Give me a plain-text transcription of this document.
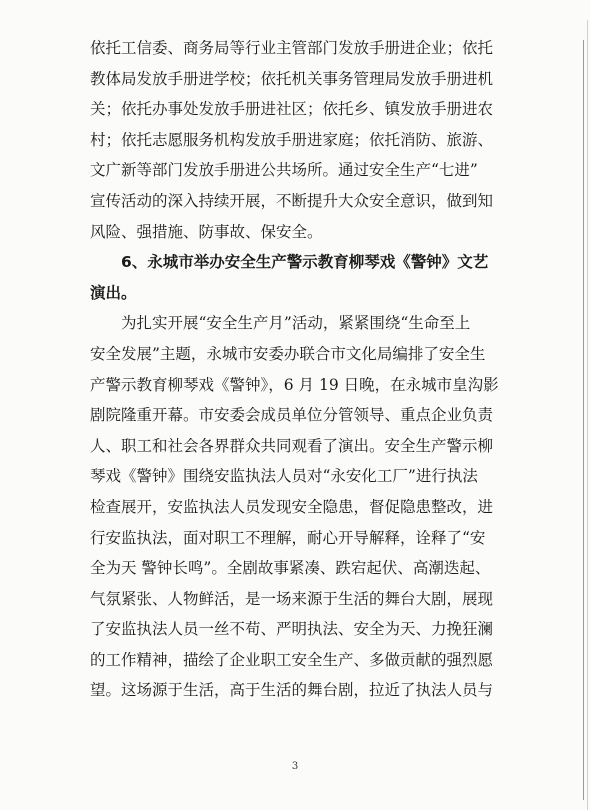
依托工信委、商务局等行业主管部门发放手册进企业；依托
教体局发放手册进学校；依托机关事务管理局发放手册进机
关；依托办事处发放手册进社区；依托乡、镇发放手册进农
村；依托志愿服务机构发放手册进家庭；依托消防、旅游、
文广新等部门发放手册进公共场所。通过安全生产“七进”
宣传活动的深入持续开展，不断提升大众安全意识，做到知
风险、强措施、防事故、保安全。
6、永城市举办安全生产警示教育柳琴戏《警钟》文艺
演出。
为扎实开展“安全生产月”活动，紧紧围绕“生命至上
安全发展”主题，永城市安委办联合市文化局编排了安全生
产警示教育柳琴戏《警钟》，6 月 19 日晚，在永城市皇沟影
剧院隆重开幕。市安委会成员单位分管领导、重点企业负责
人、职工和社会各界群众共同观看了演出。安全生产警示柳
琴戏《警钟》围绕安监执法人员对“永安化工厂”进行执法
检查展开，安监执法人员发现安全隐患，督促隐患整改，进
行安监执法，面对职工不理解，耐心开导解释，诠释了“安
全为天 警钟长鸣”。全剧故事紧凑、跌宕起伏、高潮迭起、
气氛紧张、人物鲜活，是一场来源于生活的舞台大剧，展现
了安监执法人员一丝不苟、严明执法、安全为天、力挽狂澜
的工作精神，描绘了企业职工安全生产、多做贡献的强烈愿
望。这场源于生活，高于生活的舞台剧，拉近了执法人员与
3
